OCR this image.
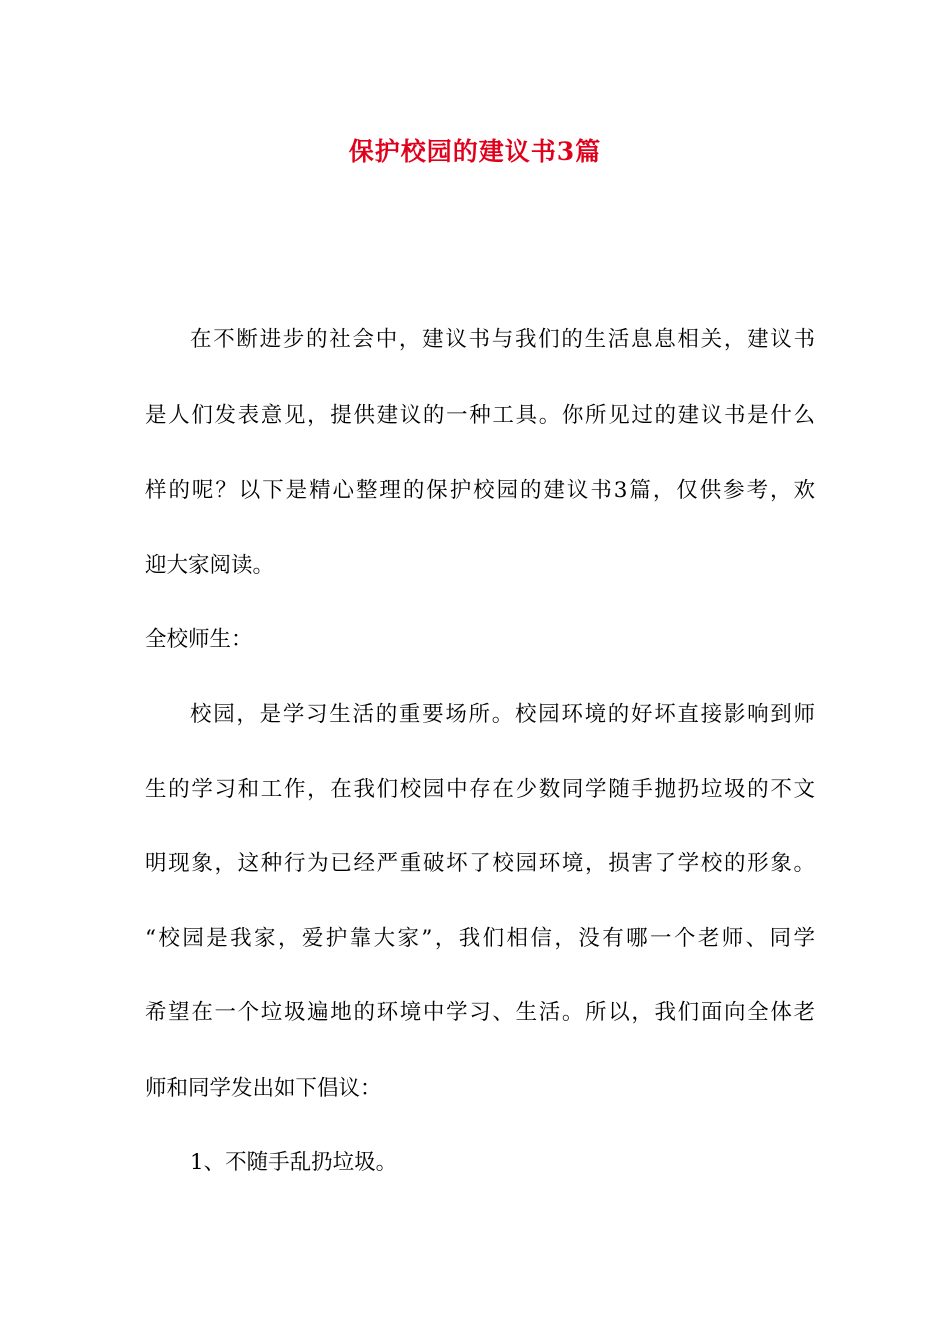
保护校园的建议书3篇
在不断进步的社会中，建议书与我们的生活息息相关，建议书
是人们发表意见，提供建议的一种工具。你所见过的建议书是什么
样的呢？以下是精心整理的保护校园的建议书3篇，仅供参考，欢
迎大家阅读。
全校师生：
校园，是学习生活的重要场所。校园环境的好坏直接影响到师
生的学习和工作，在我们校园中存在少数同学随手抛扔垃圾的不文
明现象，这种行为已经严重破坏了校园环境，损害了学校的形象。
“校园是我家，爱护靠大家”，我们相信，没有哪一个老师、同学
希望在一个垃圾遍地的环境中学习、生活。所以，我们面向全体老
师和同学发出如下倡议：
1、不随手乱扔垃圾。
